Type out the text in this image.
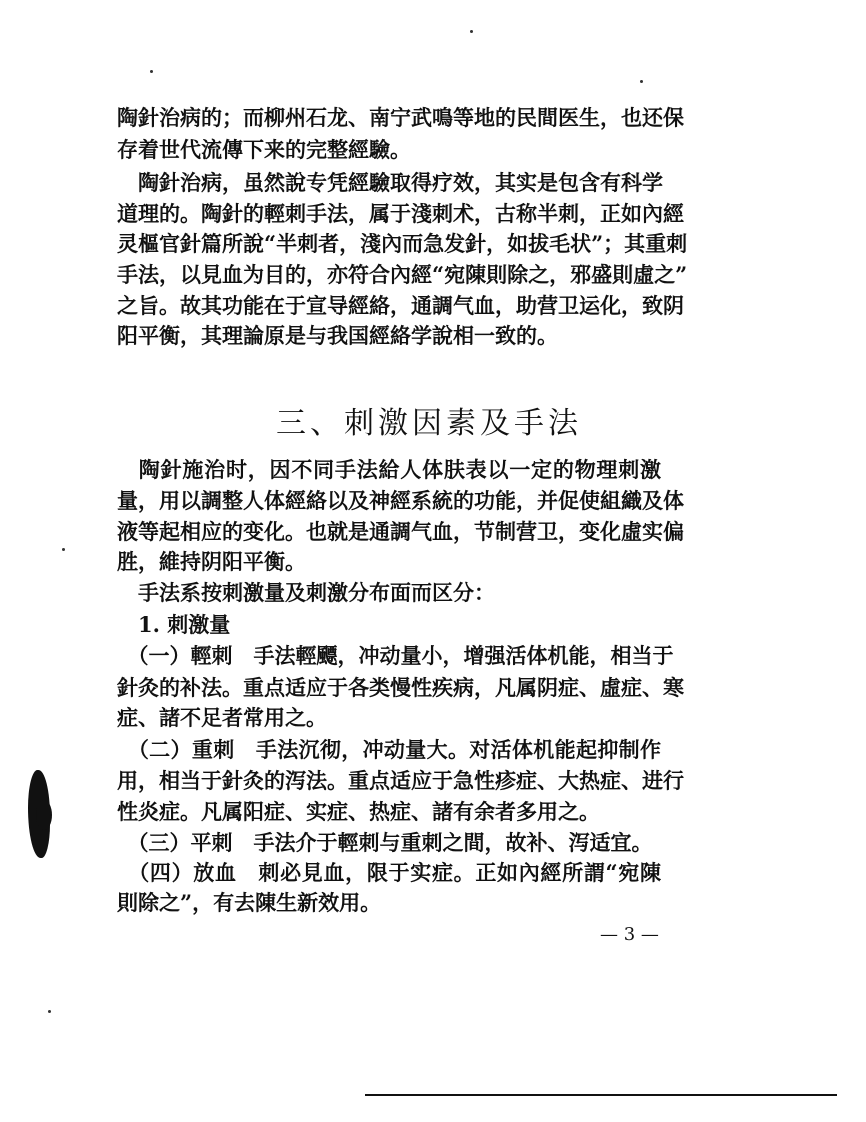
陶針治病的；而柳州石龙、南宁武鳴等地的民間医生，也还保
存着世代流傳下来的完整經驗。
　陶針治病，虽然說专凭經驗取得疗效，其实是包含有科学
道理的。陶針的輕刺手法，属于淺刺术，古称半刺，正如內經
灵樞官針篇所說“半刺者，淺內而急发針，如拔毛状”；其重刺
手法，以見血为目的，亦符合內經“宛陳則除之，邪盛則虛之”
之旨。故其功能在于宣导經絡，通調气血，助营卫运化，致阴
阳平衡，其理論原是与我国經絡学說相一致的。
三、刺激因素及手法
　陶針施治时，因不同手法給人体肤表以一定的物理刺激
量，用以調整人体經絡以及神經系統的功能，并促使組織及体
液等起相应的变化。也就是通調气血，节制营卫，变化虛实偏
胜，維持阴阳平衡。
　手法系按刺激量及刺激分布面而区分：
　1. 刺激量
　（一）輕刺　手法輕飃，冲动量小，增强活体机能，相当于
針灸的补法。重点适应于各类慢性疾病，凡属阴症、虛症、寒
症、諸不足者常用之。
　（二）重刺　手法沉彻，冲动量大。对活体机能起抑制作
用，相当于針灸的泻法。重点适应于急性疹症、大热症、进行
性炎症。凡属阳症、实症、热症、諸有余者多用之。
　（三）平刺　手法介于輕刺与重刺之間，故补、泻适宜。
　（四）放血　刺必見血，限于实症。正如內經所謂“宛陳
則除之”，有去陳生新效用。
— 3 —
